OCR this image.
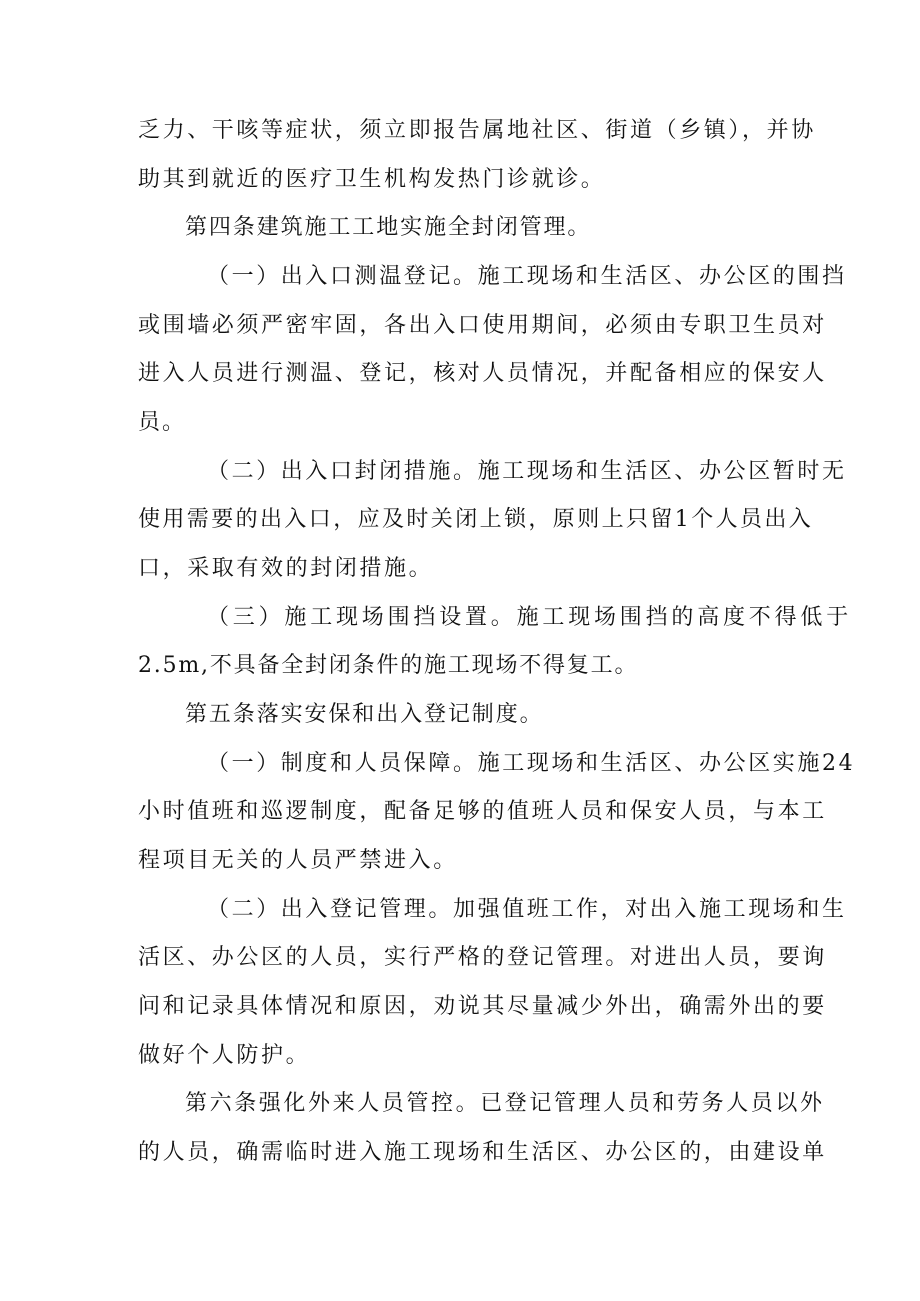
乏力、干咳等症状，须立即报告属地社区、街道（乡镇），并协
助其到就近的医疗卫生机构发热门诊就诊。
第四条建筑施工工地实施全封闭管理。
（一）出入口测温登记。施工现场和生活区、办公区的围挡
或围墙必须严密牢固，各出入口使用期间，必须由专职卫生员对
进入人员进行测温、登记，核对人员情况，并配备相应的保安人
员。
（二）出入口封闭措施。施工现场和生活区、办公区暂时无
使用需要的出入口，应及时关闭上锁，原则上只留1个人员出入
口，采取有效的封闭措施。
（三）施工现场围挡设置。施工现场围挡的高度不得低于
2.5m,不具备全封闭条件的施工现场不得复工。
第五条落实安保和出入登记制度。
（一）制度和人员保障。施工现场和生活区、办公区实施24
小时值班和巡逻制度，配备足够的值班人员和保安人员，与本工
程项目无关的人员严禁进入。
（二）出入登记管理。加强值班工作，对出入施工现场和生
活区、办公区的人员，实行严格的登记管理。对进出人员，要询
问和记录具体情况和原因，劝说其尽量减少外出，确需外出的要
做好个人防护。
第六条强化外来人员管控。已登记管理人员和劳务人员以外
的人员，确需临时进入施工现场和生活区、办公区的，由建设单
